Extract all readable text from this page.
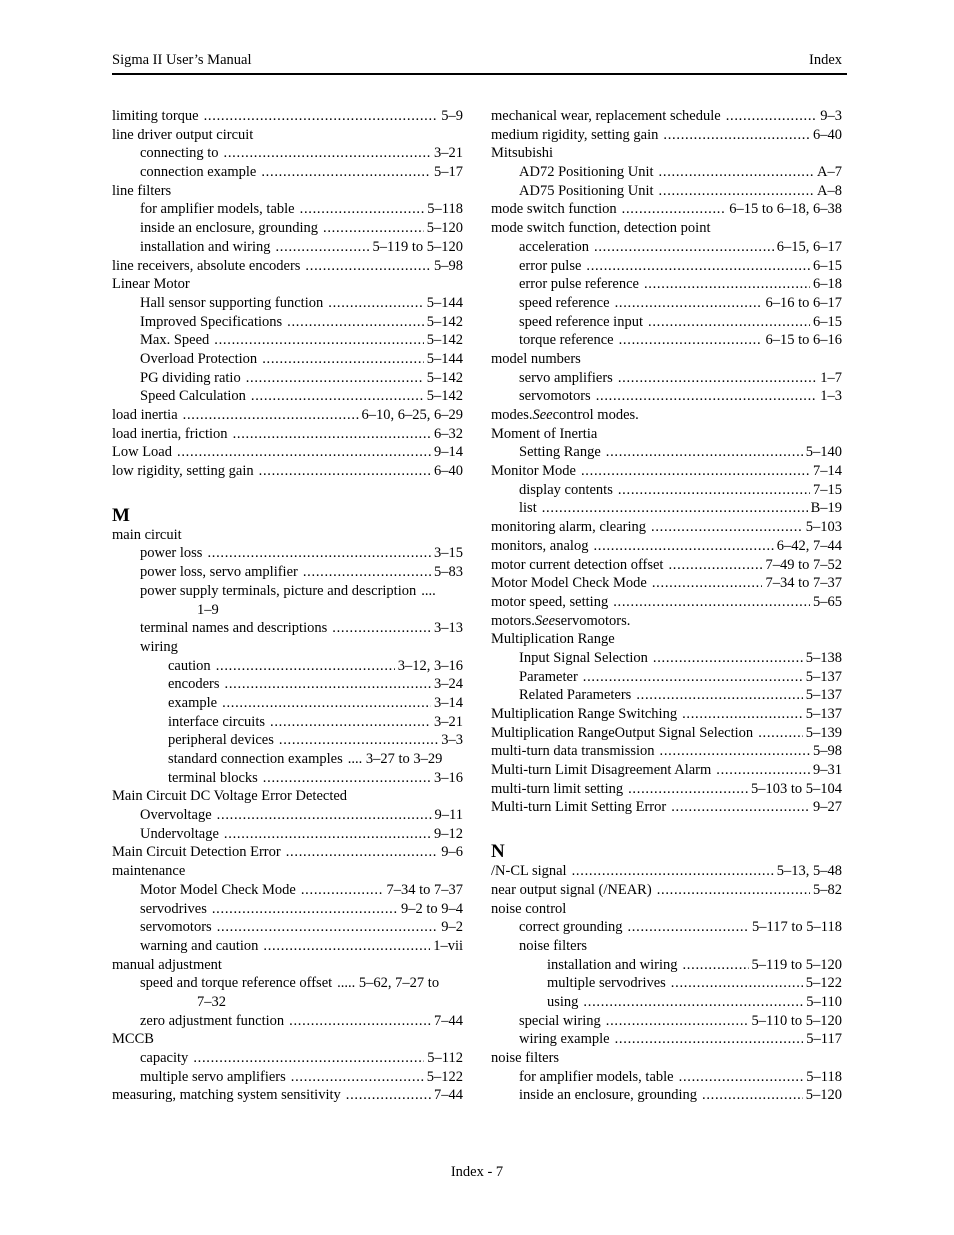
Sigma II User’s Manual	Index
limiting torque .....	5–9
line driver output circuit
connecting to .....	3–21
connection example .....	5–17
line filters
for amplifier models, table .....	5–118
inside an enclosure, grounding .....	5–120
installation and wiring .....	5–119 to 5–120
line receivers, absolute encoders .....	5–98
Linear Motor
Hall sensor supporting function .....	5–144
Improved Specifications .....	5–142
Max. Speed .....	5–142
Overload Protection .....	5–144
PG dividing ratio .....	5–142
Speed Calculation .....	5–142
load inertia .....	6–10, 6–25, 6–29
load inertia, friction .....	6–32
Low Load .....	9–14
low rigidity, setting gain .....	6–40
M
main circuit
power loss .....	3–15
power loss, servo amplifier .....	5–83
power supply terminals, picture and description ....
1–9
terminal names and descriptions .....	3–13
wiring
caution .....	3–12, 3–16
encoders .....	3–24
example .....	3–14
interface circuits .....	3–21
peripheral devices .....	3–3
standard connection examples .... 3–27 to 3–29
terminal blocks .....	3–16
Main Circuit DC Voltage Error Detected
Overvoltage .....	9–11
Undervoltage .....	9–12
Main Circuit Detection Error .....	9–6
maintenance
Motor Model Check Mode .....	7–34 to 7–37
servodrives .....	9–2 to 9–4
servomotors .....	9–2
warning and caution .....	1–vii
manual adjustment
speed and torque reference offset ..... 5–62, 7–27 to
7–32
zero adjustment function .....	7–44
MCCB
capacity .....	5–112
multiple servo amplifiers .....	5–122
measuring, matching system sensitivity .....	7–44
mechanical wear, replacement schedule .....	9–3
medium rigidity, setting gain .....	6–40
Mitsubishi
AD72 Positioning Unit .....	A–7
AD75 Positioning Unit .....	A–8
mode switch function .....	6–15 to 6–18, 6–38
mode switch function, detection point
acceleration .....	6–15, 6–17
error pulse .....	6–15
error pulse reference .....	6–18
speed reference .....	6–16 to 6–17
speed reference input .....	6–15
torque reference .....	6–15 to 6–16
model numbers
servo amplifiers .....	1–7
servomotors .....	1–3
modes. See control modes.
Moment of Inertia
Setting Range .....	5–140
Monitor Mode .....	7–14
display contents .....	7–15
list .....	B–19
monitoring alarm, clearing .....	5–103
monitors, analog .....	6–42, 7–44
motor current detection offset .....	7–49 to 7–52
Motor Model Check Mode .....	7–34 to 7–37
motor speed, setting .....	5–65
motors. See servomotors.
Multiplication Range
Input Signal Selection .....	5–138
Parameter .....	5–137
Related Parameters .....	5–137
Multiplication Range Switching .....	5–137
Multiplication RangeOutput Signal Selection .....	5–139
multi-turn data transmission .....	5–98
Multi-turn Limit Disagreement Alarm .....	9–31
multi-turn limit setting .....	5–103 to 5–104
Multi-turn Limit Setting Error .....	9–27
N
/N-CL signal .....	5–13, 5–48
near output signal (/NEAR) .....	5–82
noise control
correct grounding .....	5–117 to 5–118
noise filters
installation and wiring .....	5–119 to 5–120
multiple servodrives .....	5–122
using .....	5–110
special wiring .....	5–110 to 5–120
wiring example .....	5–117
noise filters
for amplifier models, table .....	5–118
inside an enclosure, grounding .....	5–120
Index - 7
